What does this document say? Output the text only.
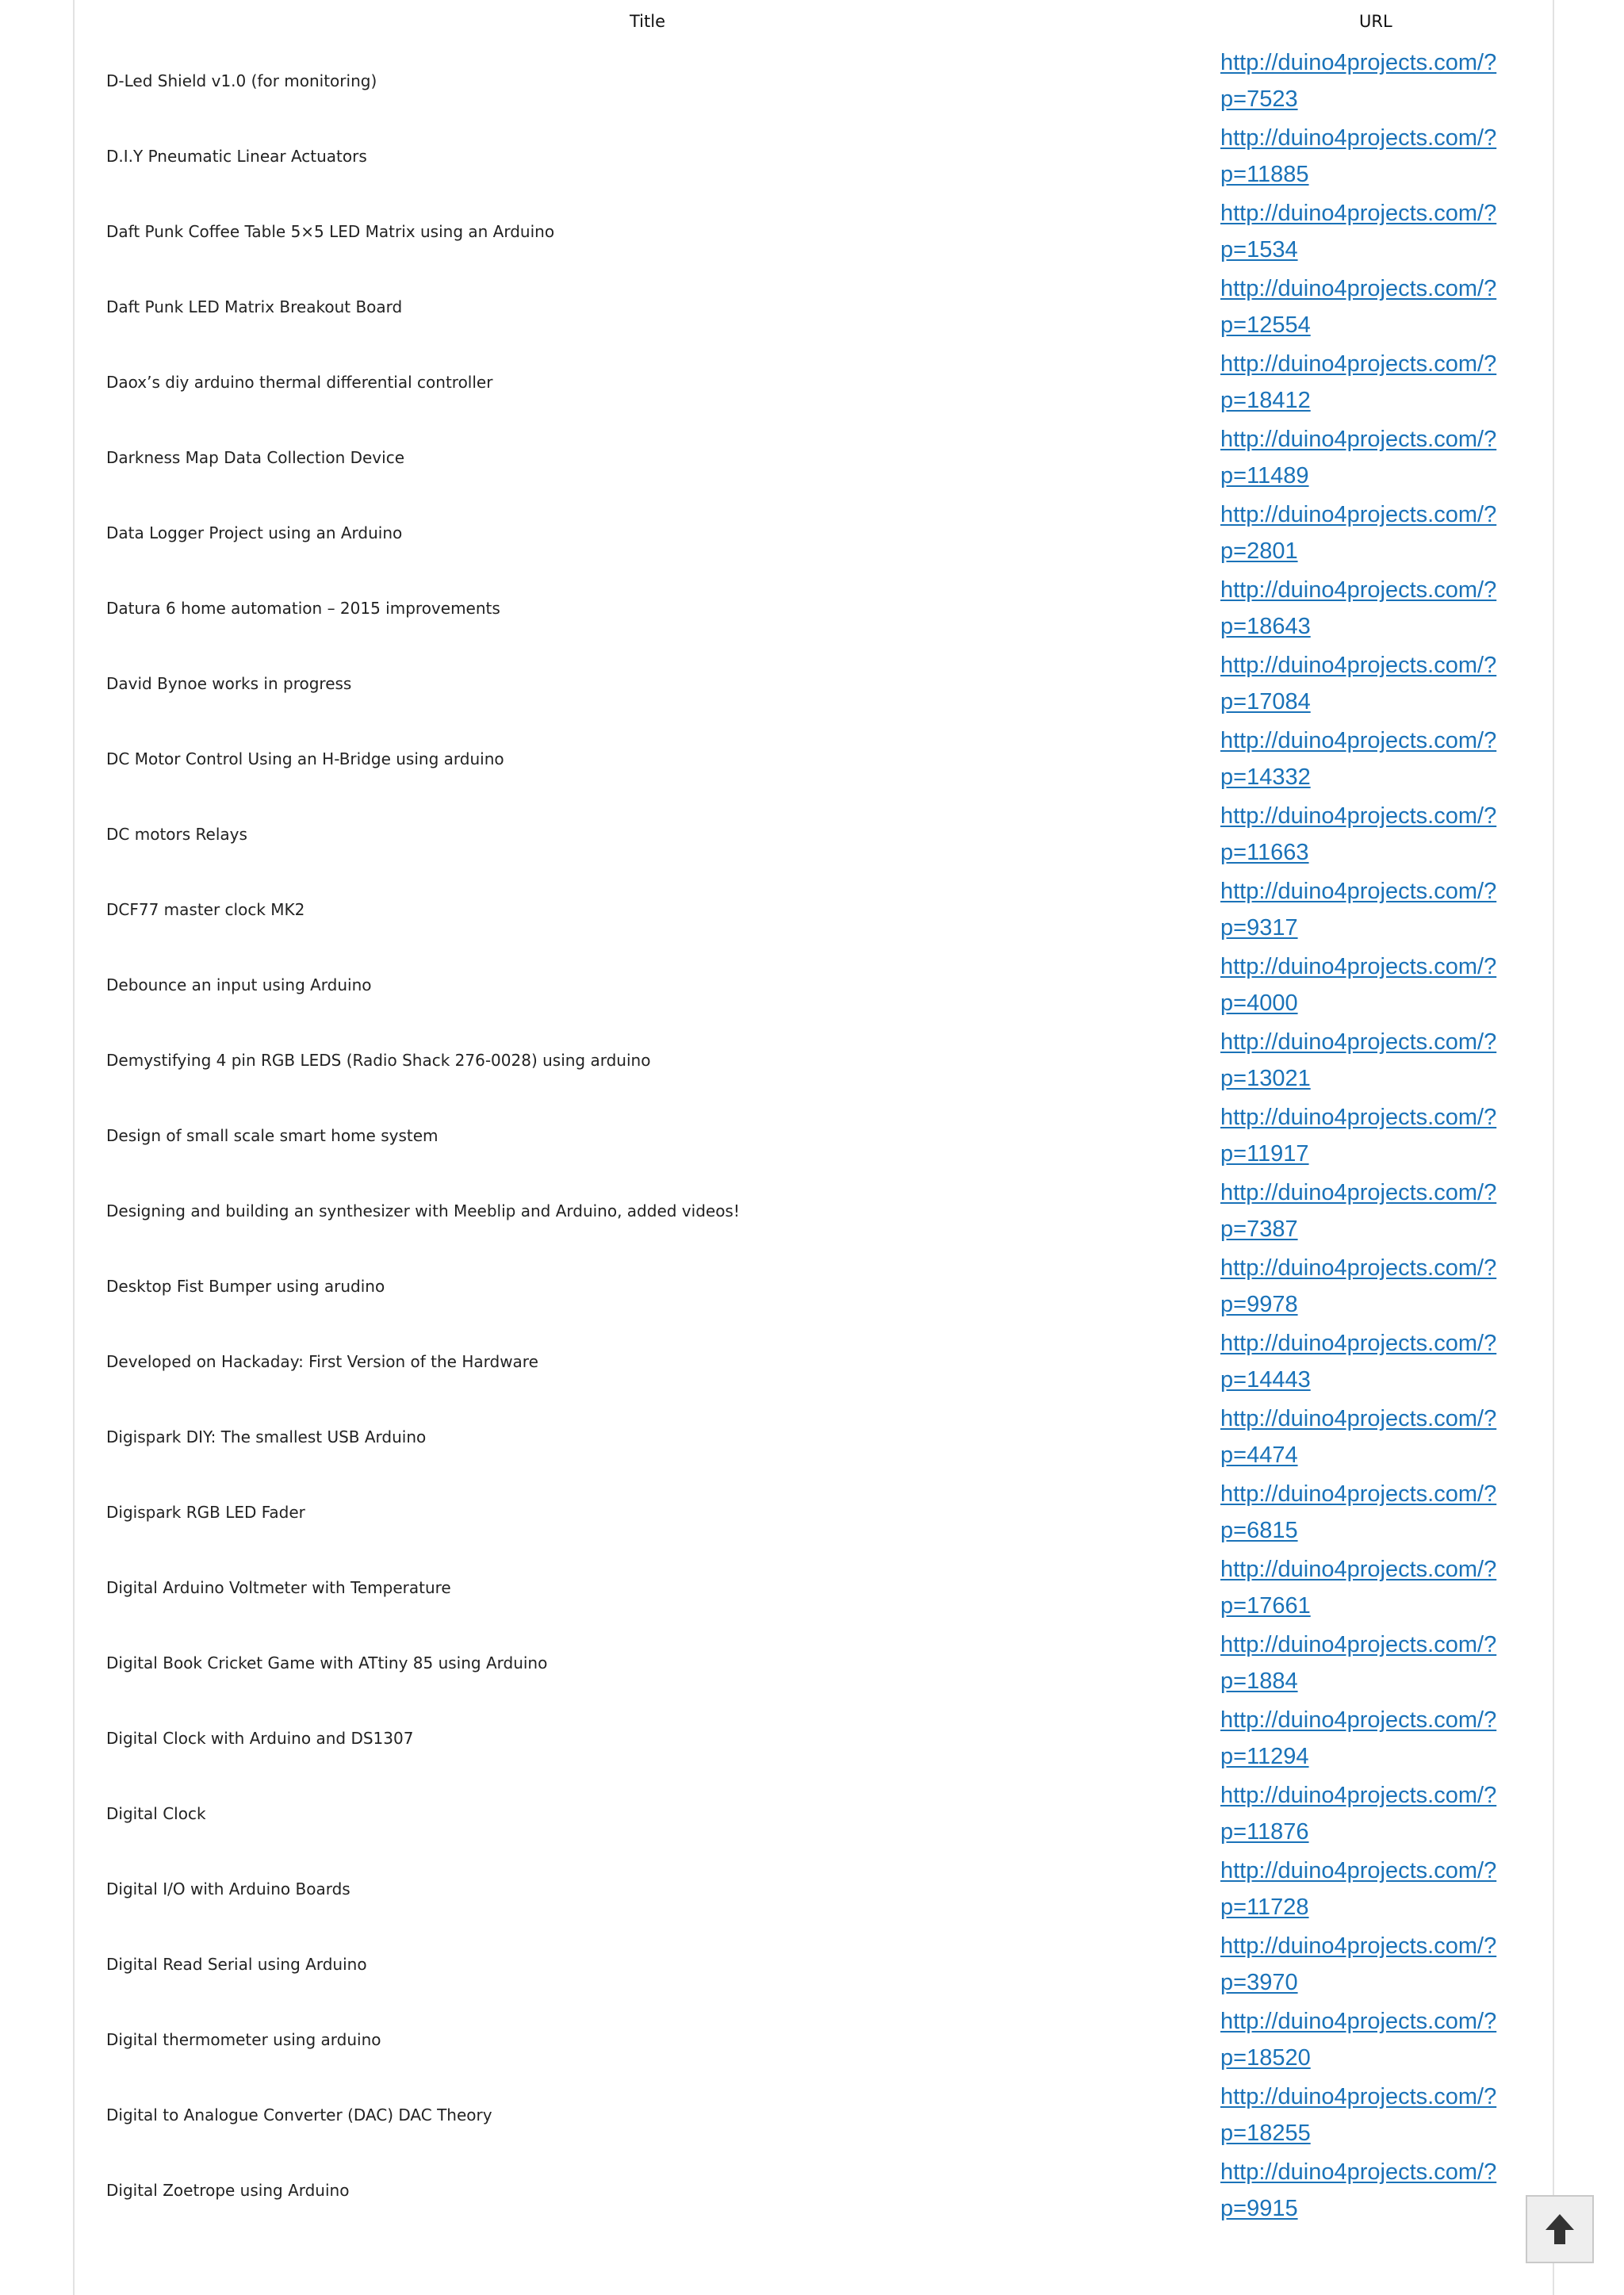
Title	URL
D-Led Shield v1.0 (for monitoring)	http://duino4projects.com/?p=7523

D.I.Y Pneumatic Linear Actuators	http://duino4projects.com/?p=11885

Daft Punk Coffee Table 5×5 LED Matrix using an Arduino	http://duino4projects.com/?p=1534

Daft Punk LED Matrix Breakout Board	http://duino4projects.com/?p=12554

Daox’s diy arduino thermal differential controller	http://duino4projects.com/?p=18412

Darkness Map Data Collection Device	http://duino4projects.com/?p=11489

Data Logger Project using an Arduino	http://duino4projects.com/?p=2801

Datura 6 home automation – 2015 improvements	http://duino4projects.com/?p=18643

David Bynoe works in progress	http://duino4projects.com/?p=17084

DC Motor Control Using an H-Bridge using arduino	http://duino4projects.com/?p=14332

DC motors Relays	http://duino4projects.com/?p=11663

DCF77 master clock MK2	http://duino4projects.com/?p=9317

Debounce an input using Arduino	http://duino4projects.com/?p=4000

Demystifying 4 pin RGB LEDS (Radio Shack 276-0028) using arduino	http://duino4projects.com/?p=13021

Design of small scale smart home system	http://duino4projects.com/?p=11917

Designing and building an synthesizer with Meeblip and Arduino, added videos!	http://duino4projects.com/?p=7387

Desktop Fist Bumper using arudino	http://duino4projects.com/?p=9978

Developed on Hackaday: First Version of the Hardware	http://duino4projects.com/?p=14443

Digispark DIY: The smallest USB Arduino	http://duino4projects.com/?p=4474

Digispark RGB LED Fader	http://duino4projects.com/?p=6815

Digital Arduino Voltmeter with Temperature	http://duino4projects.com/?p=17661

Digital Book Cricket Game with ATtiny 85 using Arduino	http://duino4projects.com/?p=1884

Digital Clock with Arduino and DS1307	http://duino4projects.com/?p=11294

Digital Clock	http://duino4projects.com/?p=11876

Digital I/O with Arduino Boards	http://duino4projects.com/?p=11728

Digital Read Serial using Arduino	http://duino4projects.com/?p=3970

Digital thermometer using arduino	http://duino4projects.com/?p=18520

Digital to Analogue Converter (DAC) DAC Theory	http://duino4projects.com/?p=18255

Digital Zoetrope using Arduino	http://duino4projects.com/?p=9915
